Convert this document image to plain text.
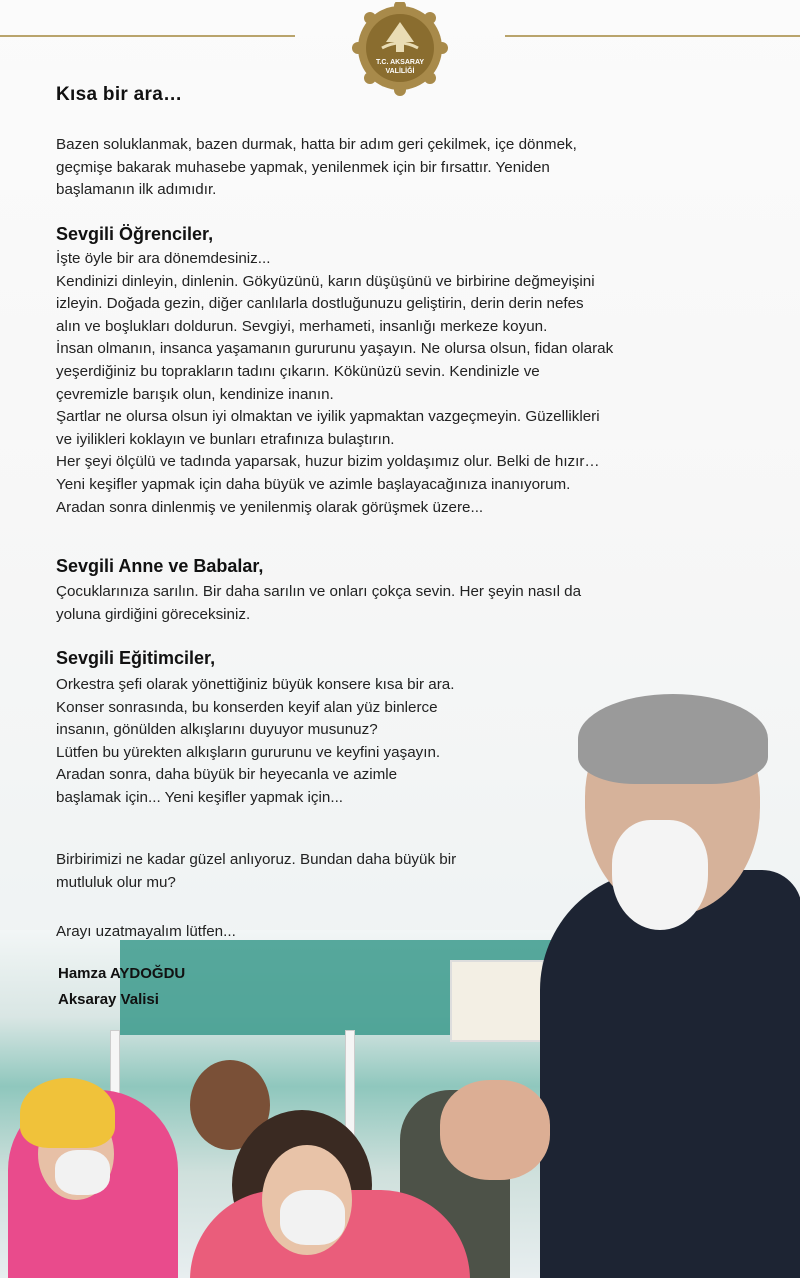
T.C. AKSARAY
VALİLİĞİ
Kısa bir ara…
Bazen soluklanmak, bazen durmak, hatta bir adım geri çekilmek, içe dönmek,
geçmişe bakarak muhasebe yapmak, yenilenmek için bir fırsattır. Yeniden
başlamanın ilk adımıdır.
Sevgili Öğrenciler,
İşte öyle bir ara dönemdesiniz...
Kendinizi dinleyin, dinlenin. Gökyüzünü, karın düşüşünü ve birbirine değmeyişini
izleyin. Doğada gezin, diğer canlılarla dostluğunuzu geliştirin, derin derin nefes
alın ve boşlukları doldurun. Sevgiyi, merhameti, insanlığı merkeze koyun.
İnsan olmanın, insanca yaşamanın gururunu yaşayın. Ne olursa olsun, fidan olarak
yeşerdiğiniz bu toprakların tadını çıkarın. Kökünüzü sevin. Kendinizle ve
çevremizle barışık olun, kendinize inanın.
Şartlar ne olursa olsun iyi olmaktan ve iyilik yapmaktan vazgeçmeyin. Güzellikleri
ve iyilikleri koklayın ve bunları etrafınıza bulaştırın.
Her şeyi ölçülü ve tadında yaparsak, huzur bizim yoldaşımız olur. Belki de hızır…
Yeni keşifler yapmak için daha büyük ve azimle başlayacağınıza inanıyorum.
Aradan sonra dinlenmiş ve yenilenmiş olarak görüşmek üzere...
Sevgili Anne ve Babalar,
Çocuklarınıza sarılın. Bir daha sarılın ve onları çokça sevin. Her şeyin nasıl da
yoluna girdiğini göreceksiniz.
Sevgili Eğitimciler,
Orkestra şefi olarak yönettiğiniz büyük konsere kısa bir ara.
Konser sonrasında, bu konserden keyif alan yüz binlerce
insanın, gönülden alkışlarını duyuyor musunuz?
Lütfen bu yürekten alkışların gururunu ve keyfini yaşayın.
Aradan sonra, daha büyük bir heyecanla ve azimle
başlamak için... Yeni keşifler yapmak için...
Birbirimizi ne kadar güzel anlıyoruz. Bundan daha büyük bir
mutluluk olur mu?
Arayı uzatmayalım lütfen...
Hamza AYDOĞDU
Aksaray Valisi
